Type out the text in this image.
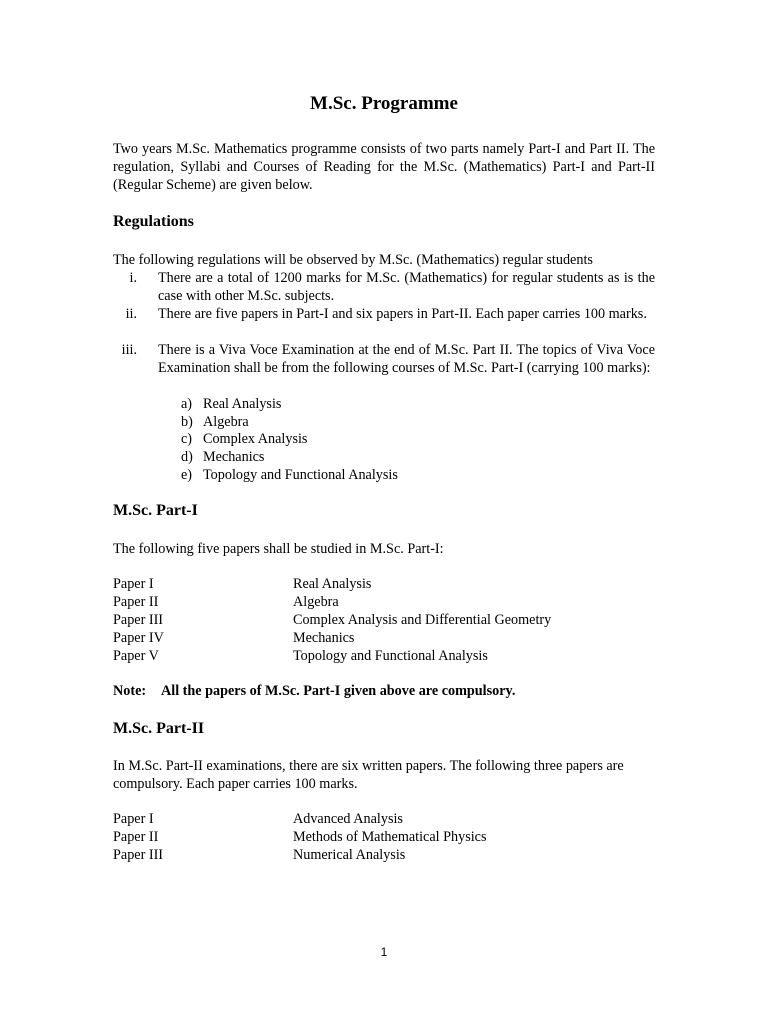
M.Sc. Programme
Two years M.Sc. Mathematics programme consists of two parts namely Part-I and Part II. The regulation, Syllabi and Courses of Reading for the M.Sc. (Mathematics) Part-I and Part-II (Regular Scheme) are given below.
Regulations
The following regulations will be observed by M.Sc. (Mathematics) regular students
i. There are a total of 1200 marks for M.Sc. (Mathematics) for regular students as is the case with other M.Sc. subjects.
ii. There are five papers in Part-I and six papers in Part-II. Each paper carries 100 marks.
iii. There is a Viva Voce Examination at the end of M.Sc. Part II. The topics of Viva Voce Examination shall be from the following courses of M.Sc. Part-I (carrying 100 marks):
a) Real Analysis
b) Algebra
c) Complex Analysis
d) Mechanics
e) Topology and Functional Analysis
M.Sc. Part-I
The following five papers shall be studied in M.Sc. Part-I:
Paper I	Real Analysis
Paper II	Algebra
Paper III	Complex Analysis and Differential Geometry
Paper IV	Mechanics
Paper V	Topology and Functional Analysis
Note: All the papers of M.Sc. Part-I given above are compulsory.
M.Sc. Part-II
In M.Sc. Part-II examinations, there are six written papers. The following three papers are compulsory. Each paper carries 100 marks.
Paper I	Advanced Analysis
Paper II	Methods of Mathematical Physics
Paper III	Numerical Analysis
1
